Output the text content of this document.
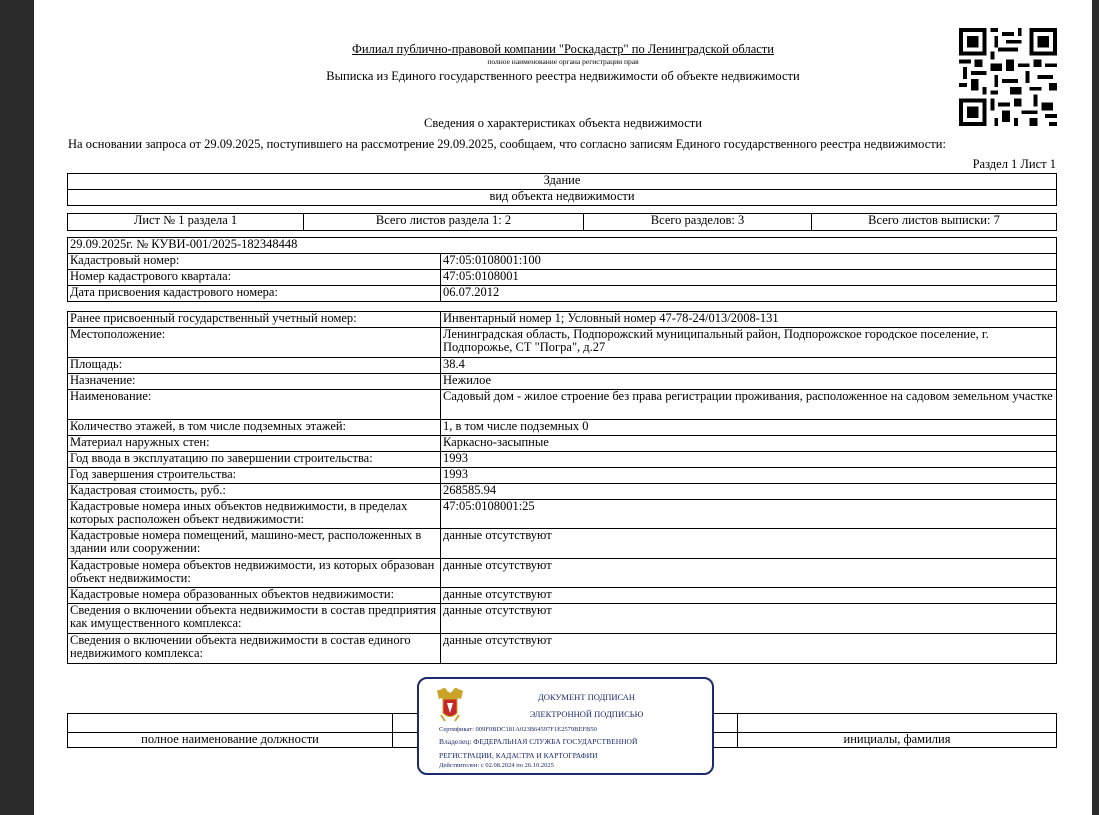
Филиал публично-правовой компании "Роскадастр" по Ленинградской области
полное наименование органа регистрации прав
Выписка из Единого государственного реестра недвижимости об объекте недвижимости
Сведения о характеристиках объекта недвижимости
На основании запроса от 29.09.2025, поступившего на рассмотрение 29.09.2025, сообщаем, что согласно записям Единого государственного реестра недвижимости:
Раздел 1 Лист 1
Здание
вид объекта недвижимости
Лист № 1 раздела 1	Всего листов раздела 1: 2	Всего разделов: 3	Всего листов выписки: 7
29.09.2025г. № КУВИ-001/2025-182348448	
Кадастровый номер:	47:05:0108001:100
Номер кадастрового квартала:	47:05:0108001
Дата присвоения кадастрового номера:	06.07.2012
Ранее присвоенный государственный учетный номер:	Инвентарный номер 1; Условный номер 47-78-24/013/2008-131
Местоположение:	Ленинградская область, Подпорожский муниципальный район, Подпорожское городское поселение, г. Подпорожье, СТ "Погра", д.27
Площадь:	38.4
Назначение:	Нежилое
Наименование:	Садовый дом - жилое строение без права регистрации проживания, расположенное на садовом земельном участке
Количество этажей, в том числе подземных этажей:	1, в том числе подземных 0
Материал наружных стен:	Каркасно-засыпные
Год ввода в эксплуатацию по завершении строительства:	1993
Год завершения строительства:	1993
Кадастровая стоимость, руб.:	268585.94
Кадастровые номера иных объектов недвижимости, в пределах которых расположен объект недвижимости:	47:05:0108001:25
Кадастровые номера помещений, машино-мест, расположенных в здании или сооружении:	данные отсутствуют
Кадастровые номера объектов недвижимости, из которых образован объект недвижимости:	данные отсутствуют
Кадастровые номера образованных объектов недвижимости:	данные отсутствуют
Сведения о включении объекта недвижимости в состав предприятия как имущественного комплекса:	данные отсутствуют
Сведения о включении объекта недвижимости в состав единого недвижимого комплекса:	данные отсутствуют

полное наименование должности		инициалы, фамилия
ДОКУМЕНТ ПОДПИСАН
ЭЛЕКТРОННОЙ ПОДПИСЬЮ
Сертификат: 009F0BDC181A023B64597F1E2579BEFB50
Владелец: ФЕДЕРАЛЬНАЯ СЛУЖБА ГОСУДАРСТВЕННОЙ
РЕГИСТРАЦИИ, КАДАСТРА И КАРТОГРАФИИ
Действителен: с 02.08.2024 по 26.10.2025
